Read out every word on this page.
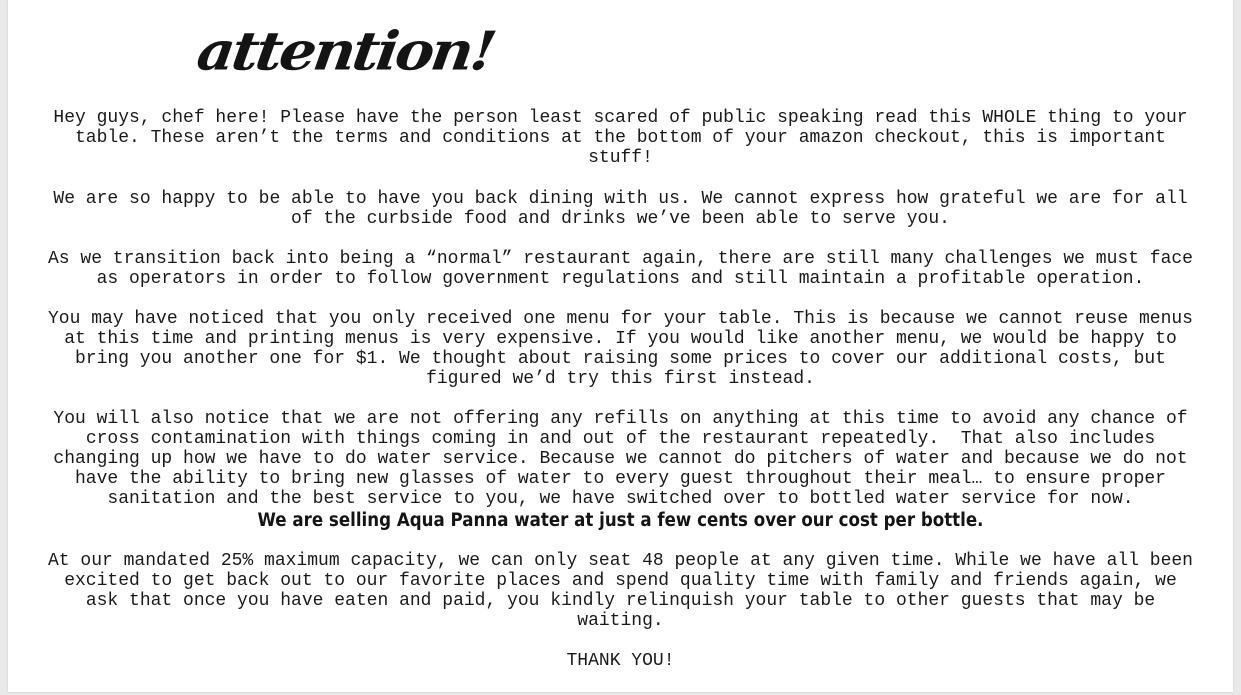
attention!
Hey guys, chef here! Please have the person least scared of public speaking read this WHOLE thing to your
table. These aren’t the terms and conditions at the bottom of your amazon checkout, this is important
stuff!
We are so happy to be able to have you back dining with us. We cannot express how grateful we are for all
of the curbside food and drinks we’ve been able to serve you.
As we transition back into being a “normal” restaurant again, there are still many challenges we must face
as operators in order to follow government regulations and still maintain a profitable operation.
You may have noticed that you only received one menu for your table. This is because we cannot reuse menus
at this time and printing menus is very expensive. If you would like another menu, we would be happy to
bring you another one for $1. We thought about raising some prices to cover our additional costs, but
figured we’d try this first instead.
You will also notice that we are not offering any refills on anything at this time to avoid any chance of
cross contamination with things coming in and out of the restaurant repeatedly.  That also includes
changing up how we have to do water service. Because we cannot do pitchers of water and because we do not
have the ability to bring new glasses of water to every guest throughout their meal… to ensure proper
sanitation and the best service to you, we have switched over to bottled water service for now.
We are selling Aqua Panna water at just a few cents over our cost per bottle.
At our mandated 25% maximum capacity, we can only seat 48 people at any given time. While we have all been
excited to get back out to our favorite places and spend quality time with family and friends again, we
ask that once you have eaten and paid, you kindly relinquish your table to other guests that may be
waiting.
THANK YOU!
